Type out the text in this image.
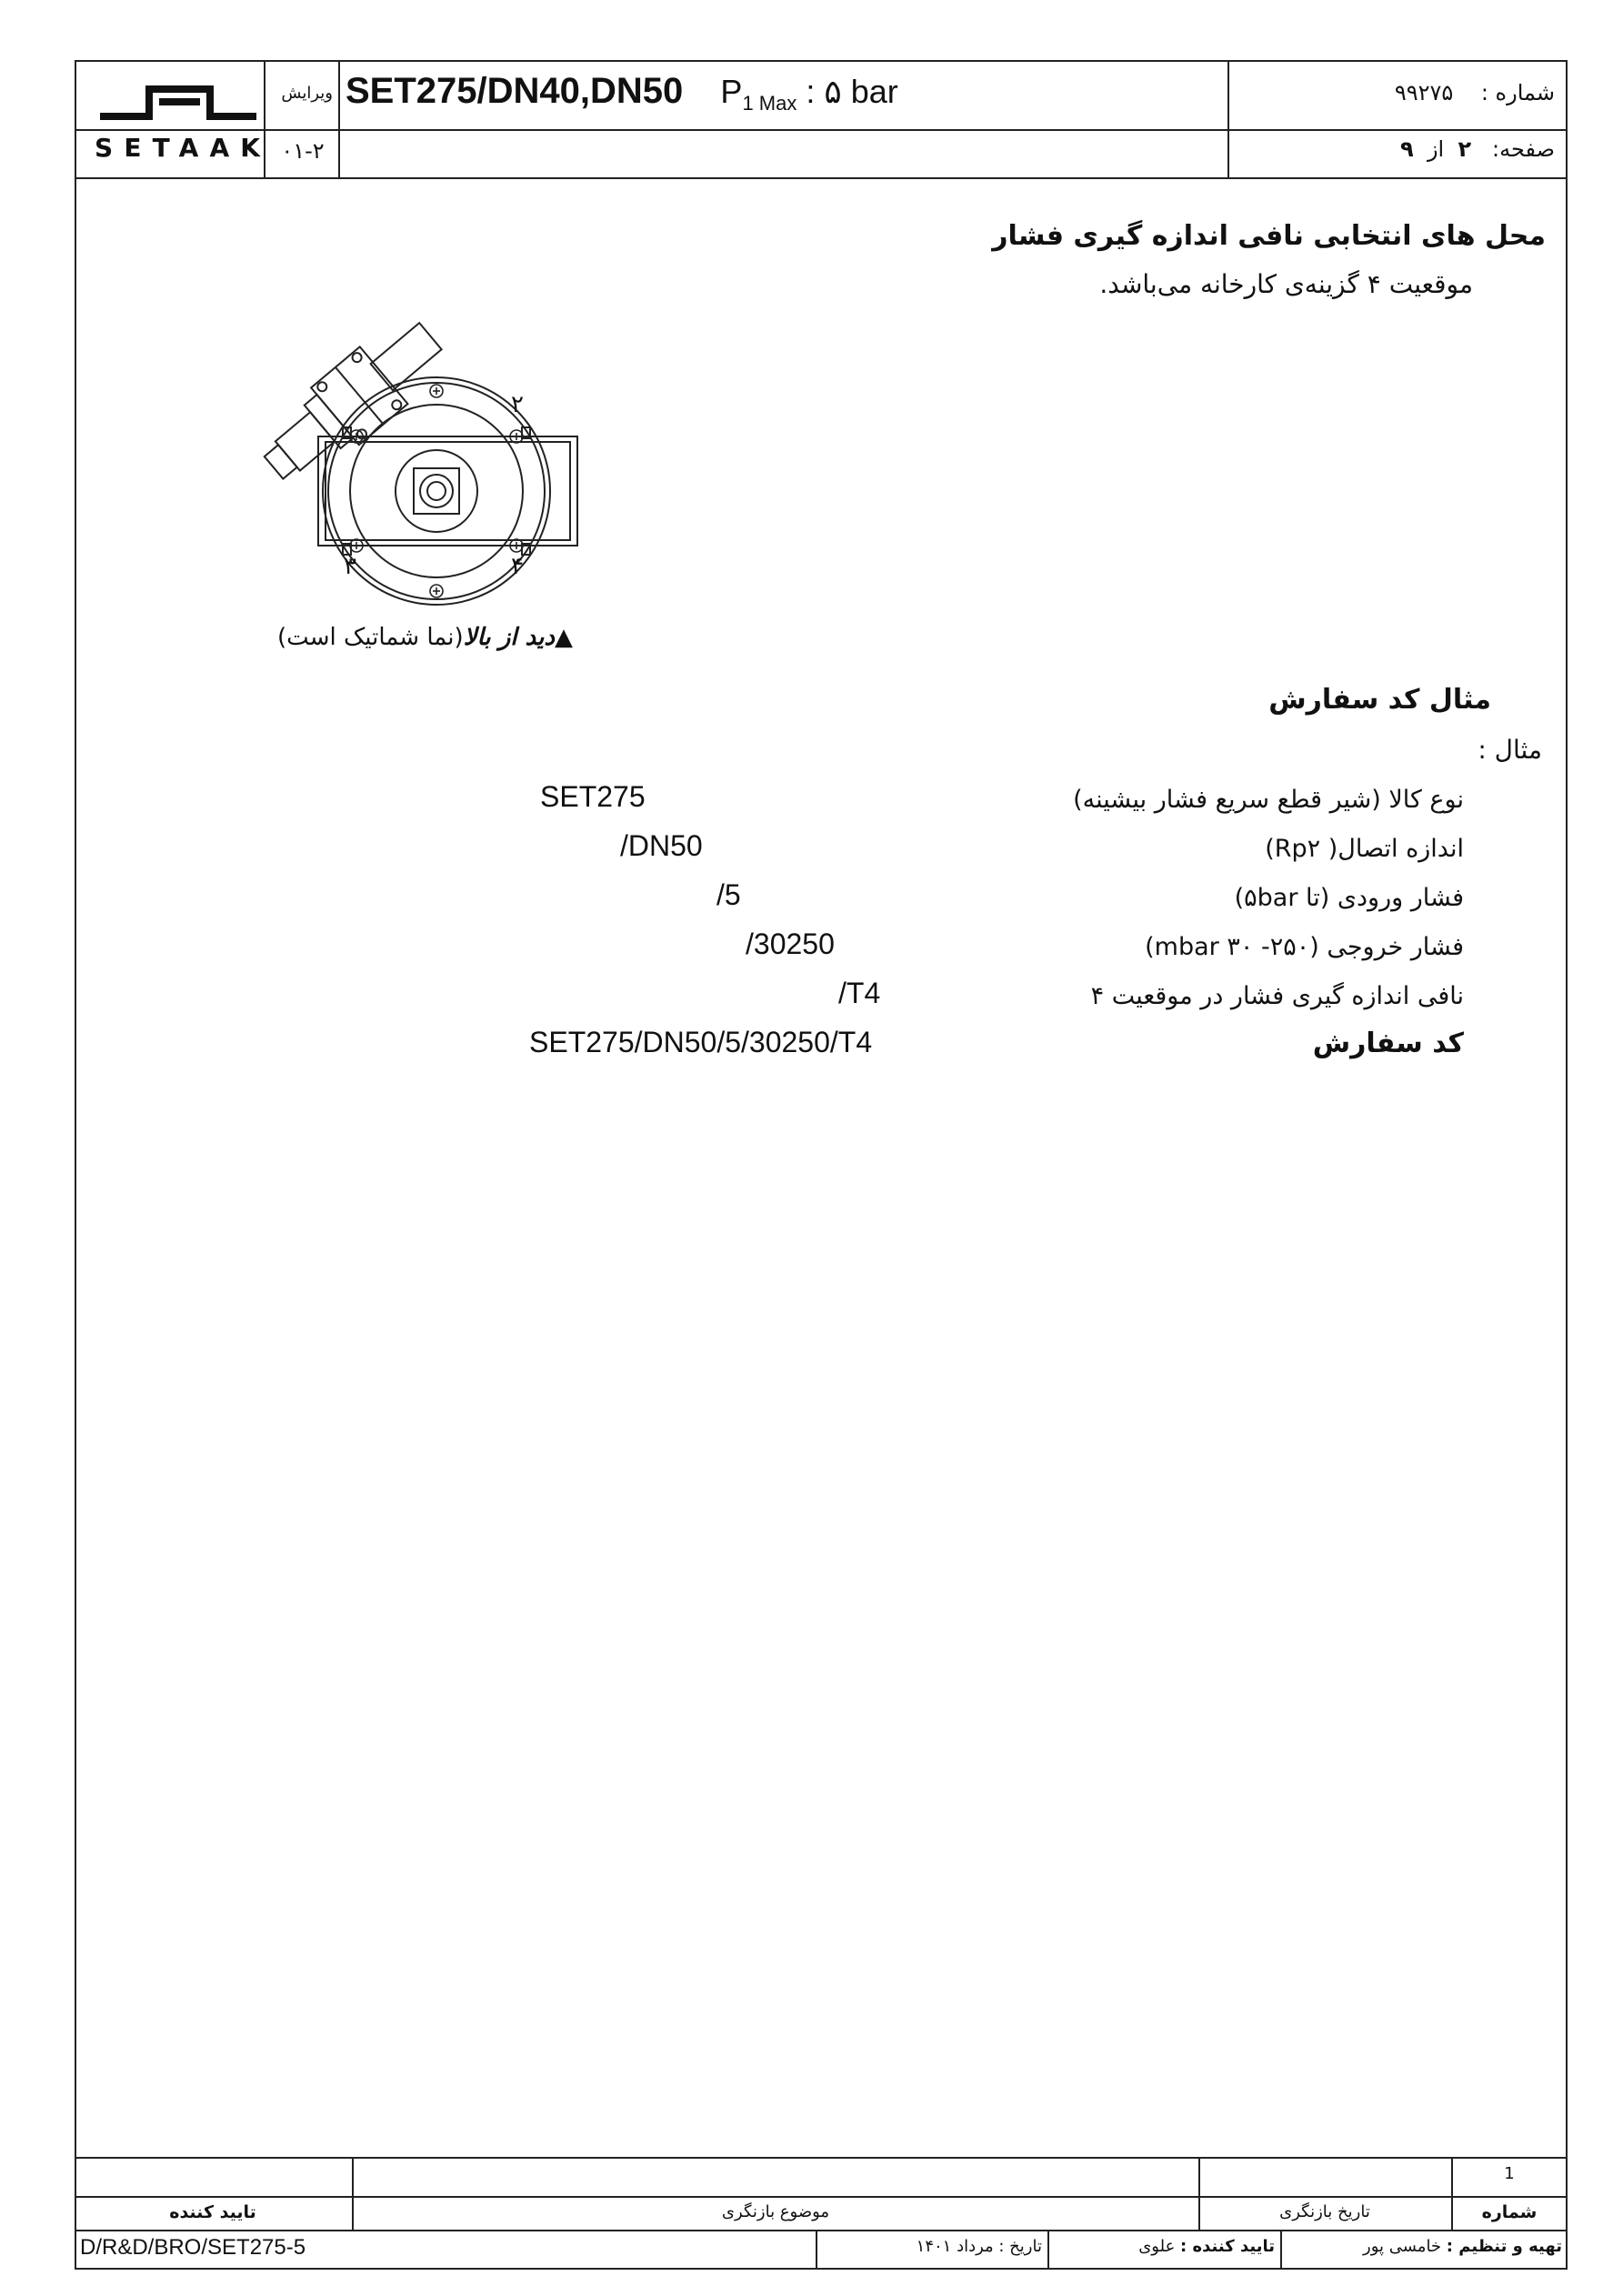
SETAAK
ویرایش
۰۱-۲
SET275/DN40,DN50 $P_{1 Max}$ : ۵ bar	شماره :    ۹۹۲۷۵
صفحه:   ۲  از  ۹
محل های انتخابی نافی اندازه گیری فشار
موقعیت ۴ گزینه‌ی کارخانه می‌باشد.
۲
۳	۴
▲دید از بالا(نما شماتیک است)
مثال کد سفارش
مثال :
نوع کالا (شیر قطع سریع فشار بیشینه)
SET275
اندازه اتصال( Rp۲)
/DN50
فشار ورودی (تا ۵bar)
/5
فشار خروجی (۲۵۰- ۳۰ mbar)
/30250
نافی اندازه گیری فشار در موقعیت ۴
/T4
کد سفارش
SET275/DN50/5/30250/T4
1
شماره
تاریخ بازنگری
موضوع بازنگری
تایید کننده
تهیه و تنظیم : خامسی پور
تایید کننده : علوی
تاریخ : مرداد ۱۴۰۱
D/R&D/BRO/SET275-5
